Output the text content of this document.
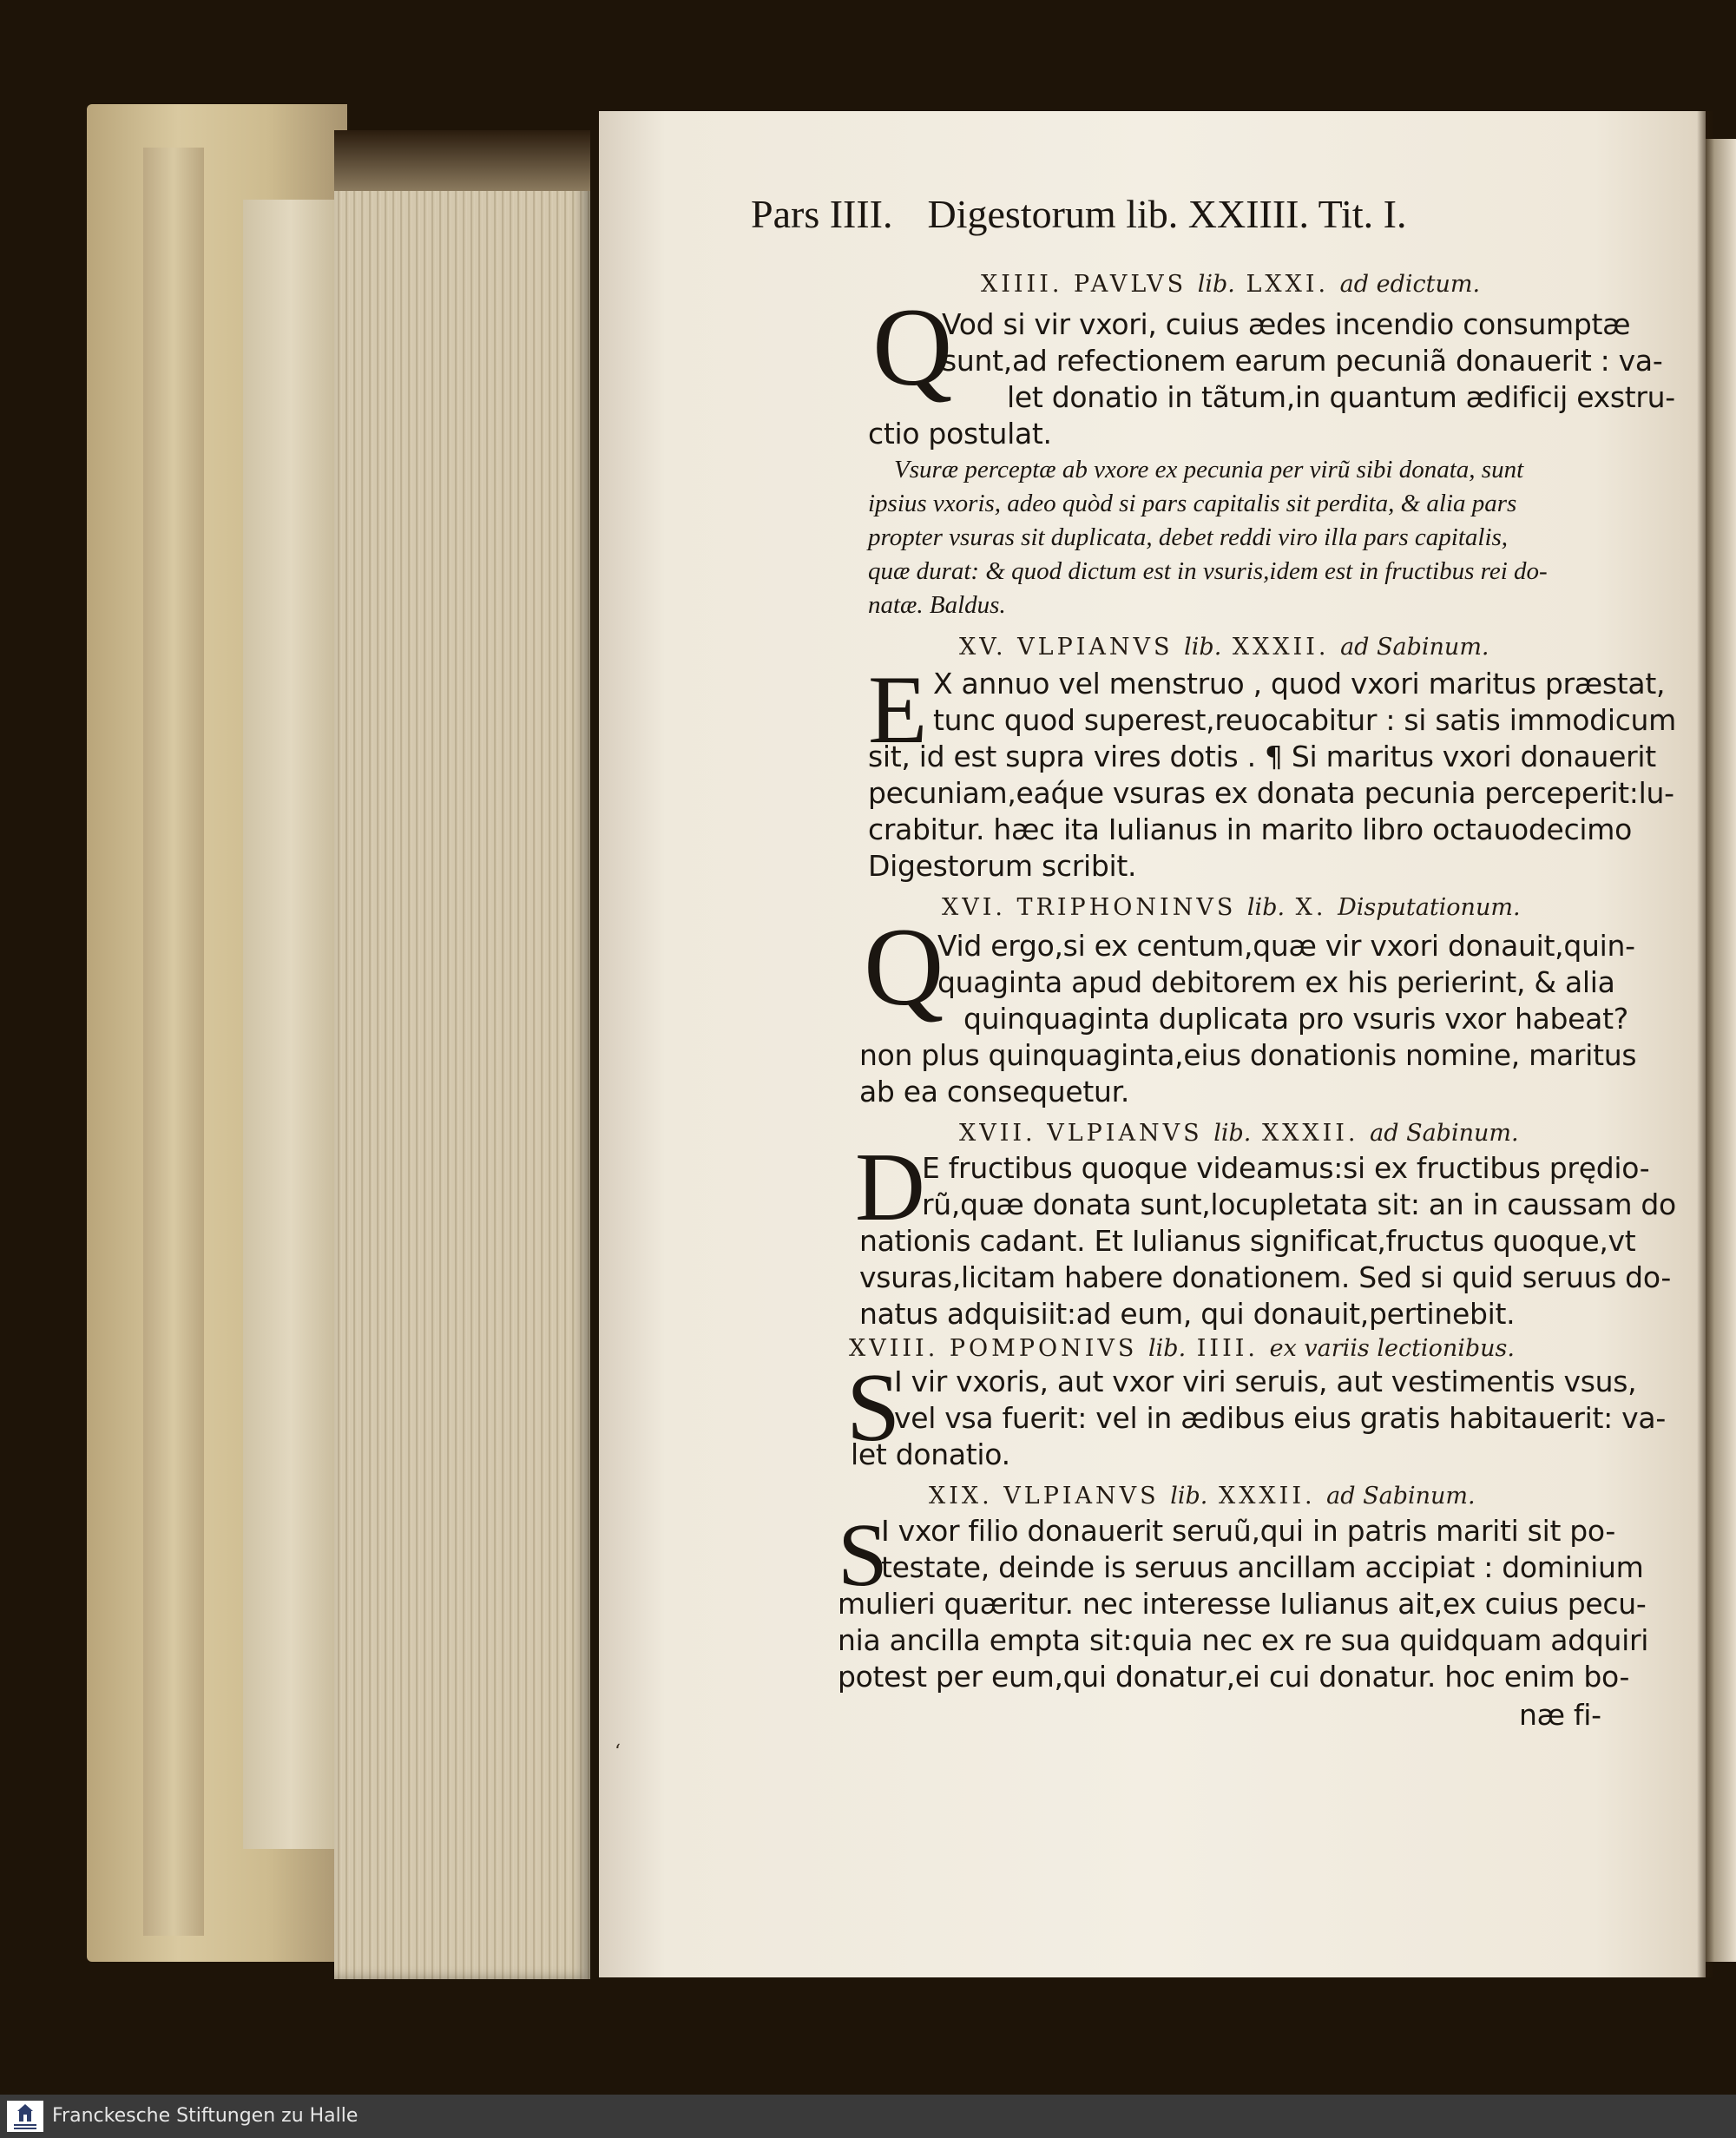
Pars IIII. Digestorum lib. XXIIII. Tit. I.
XIIII. PAVLVS lib. LXXI. ad edictum.
Q
Vod si vir vxori, cuius ædes incendio consumptæ
sunt,ad refectionem earum pecuniã donauerit : va-
let donatio in tãtum,in quantum ædificij exstru-
ctio postulat.
Vsuræ perceptæ ab vxore ex pecunia per virũ sibi donata, sunt
ipsius vxoris, adeo quòd si pars capitalis sit perdita, & alia pars
propter vsuras sit duplicata, debet reddi viro illa pars capitalis,
quæ durat: & quod dictum est in vsuris,idem est in fructibus rei do-
natæ. Baldus.
XV. VLPIANVS lib. XXXII. ad Sabinum.
E X annuo vel menstruo , quod vxori maritus præstat,
tunc quod superest,reuocabitur : si satis immodicum
sit, id est supra vires dotis . ¶ Si maritus vxori donauerit
pecuniam,eaq́ue vsuras ex donata pecunia perceperit:lu-
crabitur. hæc ita Iulianus in marito libro octauodecimo
Digestorum scribit.
XVI. TRIPHONINVS lib. X. Disputationum.
Q
Vid ergo,si ex centum,quæ vir vxori donauit,quin-
quaginta apud debitorem ex his perierint, & alia
quinquaginta duplicata pro vsuris vxor habeat?
non plus quinquaginta,eius donationis nomine, maritus
ab ea consequetur.
XVII. VLPIANVS lib. XXXII. ad Sabinum.
D
E fructibus quoque videamus:si ex fructibus prędio-
rũ,quæ donata sunt,locupletata sit: an in caussam do
nationis cadant. Et Iulianus significat,fructus quoque,vt
vsuras,licitam habere donationem. Sed si quid seruus do-
natus adquisiit:ad eum, qui donauit,pertinebit.
XVIII. POMPONIVS lib. IIII. ex variis lectionibus.
S
I vir vxoris, aut vxor viri seruis, aut vestimentis vsus,
vel vsa fuerit: vel in ædibus eius gratis habitauerit: va-
let donatio.
XIX. VLPIANVS lib. XXXII. ad Sabinum.
S
I vxor filio donauerit seruũ,qui in patris mariti sit po-
testate, deinde is seruus ancillam accipiat : dominium
mulieri quæritur. nec interesse Iulianus ait,ex cuius pecu-
nia ancilla empta sit:quia nec ex re sua quidquam adquiri
potest per eum,qui donatur,ei cui donatur. hoc enim bo-
næ fi-
‘
Franckesche Stiftungen zu Halle
